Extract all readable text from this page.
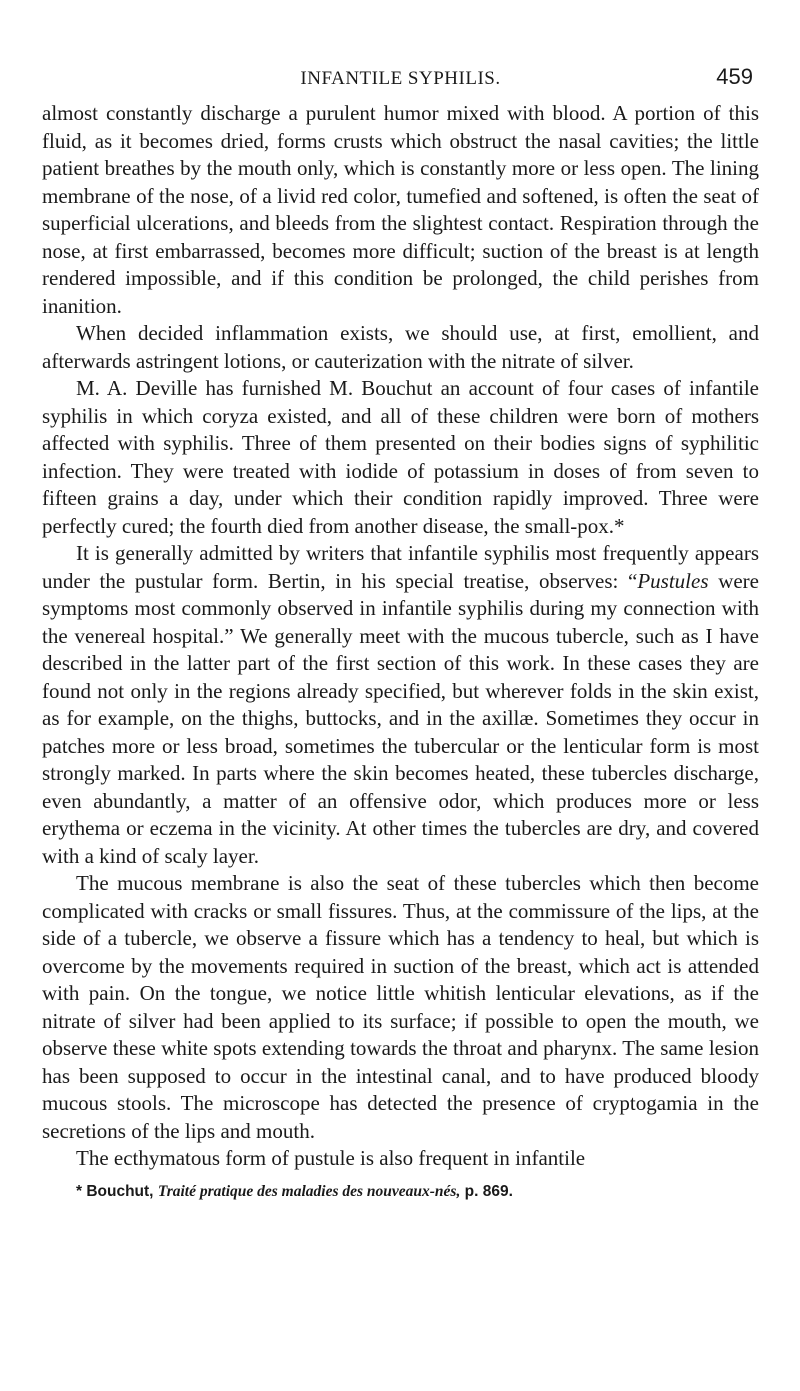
INFANTILE SYPHILIS.	459

almost constantly discharge a purulent humor mixed with blood. A portion of this fluid, as it becomes dried, forms crusts which obstruct the nasal cavities; the little patient breathes by the mouth only, which is constantly more or less open. The lining membrane of the nose, of a livid red color, tumefied and softened, is often the seat of superficial ulcerations, and bleeds from the slightest contact. Respiration through the nose, at first embarrassed, becomes more difficult; suction of the breast is at length rendered impossible, and if this condition be prolonged, the child perishes from inanition.

When decided inflammation exists, we should use, at first, emollient, and afterwards astringent lotions, or cauterization with the nitrate of silver.

M. A. Deville has furnished M. Bouchut an account of four cases of infantile syphilis in which coryza existed, and all of these children were born of mothers affected with syphilis. Three of them presented on their bodies signs of syphilitic infection. They were treated with iodide of potassium in doses of from seven to fifteen grains a day, under which their condition rapidly improved. Three were perfectly cured; the fourth died from another disease, the small-pox.*

It is generally admitted by writers that infantile syphilis most frequently appears under the pustular form. Bertin, in his special treatise, observes: “Pustules were symptoms most commonly observed in infantile syphilis during my connection with the venereal hospital.” We generally meet with the mucous tubercle, such as I have described in the latter part of the first section of this work. In these cases they are found not only in the regions already specified, but wherever folds in the skin exist, as for example, on the thighs, buttocks, and in the axillæ. Sometimes they occur in patches more or less broad, sometimes the tubercular or the lenticular form is most strongly marked. In parts where the skin becomes heated, these tubercles discharge, even abundantly, a matter of an offensive odor, which produces more or less erythema or eczema in the vicinity. At other times the tubercles are dry, and covered with a kind of scaly layer.

The mucous membrane is also the seat of these tubercles which then become complicated with cracks or small fissures. Thus, at the commissure of the lips, at the side of a tubercle, we observe a fissure which has a tendency to heal, but which is overcome by the movements required in suction of the breast, which act is attended with pain. On the tongue, we notice little whitish lenticular elevations, as if the nitrate of silver had been applied to its surface; if possible to open the mouth, we observe these white spots extending towards the throat and pharynx. The same lesion has been supposed to occur in the intestinal canal, and to have produced bloody mucous stools. The microscope has detected the presence of cryptogamia in the secretions of the lips and mouth.

The ecthymatous form of pustule is also frequent in infantile

* Bouchut, Traité pratique des maladies des nouveaux-nés, p. 869.
